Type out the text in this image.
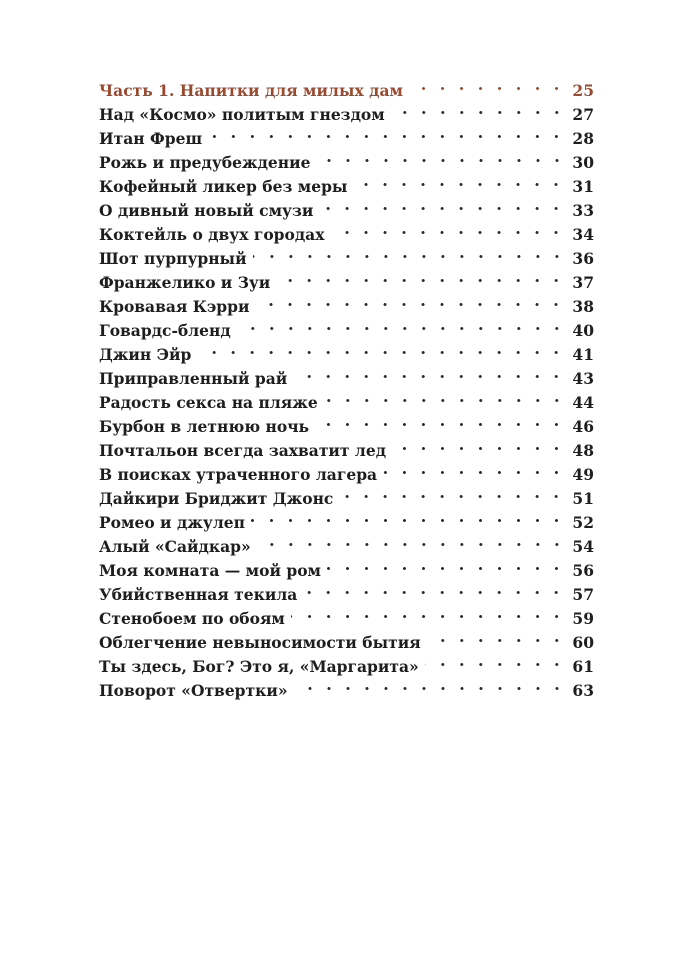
Часть 1. Напитки для милых дам	25
Над «Космо» политым гнездом	27
Итан Фреш	28
Рожь и предубеждение	30
Кофейный ликер без меры	31
О дивный новый смузи	33
Коктейль о двух городах	34
Шот пурпурный	36
Франжелико и Зуи	37
Кровавая Кэрри	38
Говардс-бленд	40
Джин Эйр	41
Приправленный рай	43
Радость секса на пляже	44
Бурбон в летнюю ночь	46
Почтальон всегда захватит лед	48
В поисках утраченного лагера	49
Дайкири Бриджит Джонс	51
Ромео и джулеп	52
Алый «Сайдкар»	54
Моя комната — мой ром	56
Убийственная текила	57
Стенобоем по обоям	59
Облегчение невыносимости бытия	60
Ты здесь, Бог? Это я, «Маргарита»	61
Поворот «Отвертки»	63
